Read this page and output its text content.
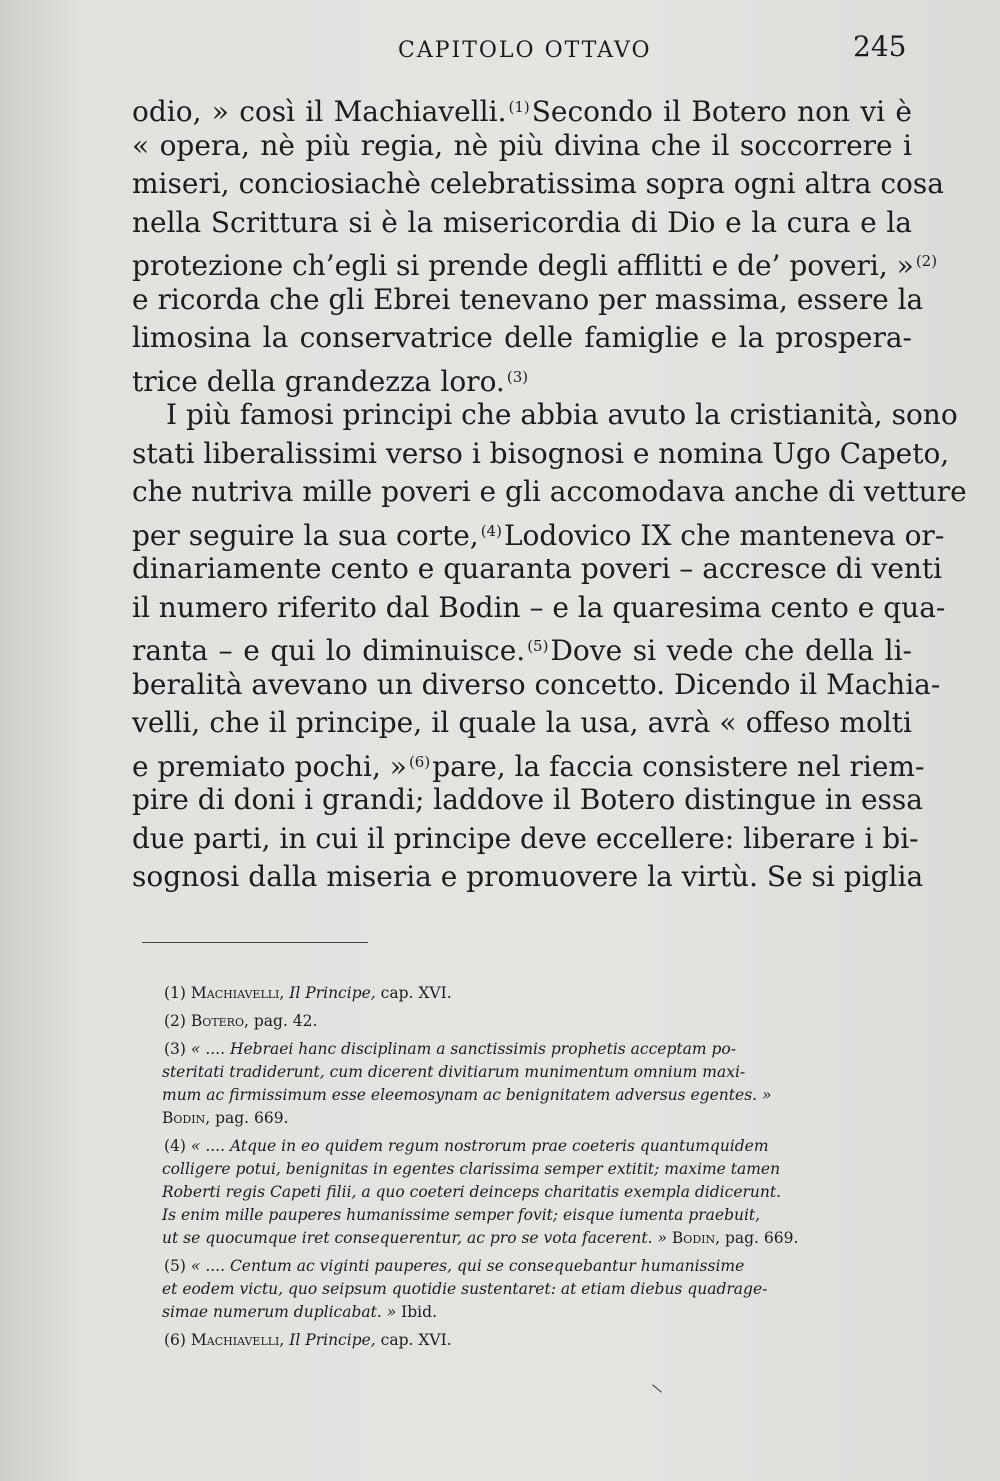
CAPITOLO OTTAVO	245
odio, » così il Machiavelli. $^{(1)}$Secondo il Botero non vi è
« opera, nè più regia, nè più divina che il soccorrere i
miseri, conciosiachè celebratissima sopra ogni altra cosa
nella Scrittura si è la misericordia di Dio e la cura e la
protezione ch’egli si prende degli afflitti e de’ poveri, » $^{(2)}$
e ricorda che gli Ebrei tenevano per massima, essere la
limosina la conservatrice delle famiglie e la prospera-
trice della grandezza loro. $^{(3)}$
I più famosi principi che abbia avuto la cristianità, sono
stati liberalissimi verso i bisognosi e nomina Ugo Capeto,
che nutriva mille poveri e gli accomodava anche di vetture
per seguire la sua corte, $^{(4)}$Lodovico IX che manteneva or-
dinariamente cento e quaranta poveri – accresce di venti
il numero riferito dal Bodin – e la quaresima cento e qua-
ranta – e qui lo diminuisce. $^{(5)}$Dove si vede che della li-
beralità avevano un diverso concetto. Dicendo il Machia-
velli, che il principe, il quale la usa, avrà « offeso molti
e premiato pochi, » $^{(6)}$pare, la faccia consistere nel riem-
pire di doni i grandi; laddove il Botero distingue in essa
due parti, in cui il principe deve eccellere: liberare i bi-
sognosi dalla miseria e promuovere la virtù. Se si piglia
(1) Machiavelli, Il Principe, cap. XVI.
(2) Botero, pag. 42.
(3) « .... Hebraei hanc disciplinam a sanctissimis prophetis acceptam po-
steritati tradiderunt, cum dicerent divitiarum munimentum omnium maxi-
mum ac firmissimum esse eleemosynam ac benignitatem adversus egentes. »
Bodin, pag. 669.
(4) « .... Atque in eo quidem regum nostrorum prae coeteris quantumquidem
colligere potui, benignitas in egentes clarissima semper extitit; maxime tamen
Roberti regis Capeti filii, a quo coeteri deinceps charitatis exempla didicerunt.
Is enim mille pauperes humanissime semper fovit; eisque iumenta praebuit,
ut se quocumque iret consequerentur, ac pro se vota facerent. » Bodin, pag. 669.
(5) « .... Centum ac viginti pauperes, qui se consequebantur humanissime
et eodem victu, quo seipsum quotidie sustentaret: at etiam diebus quadrage-
simae numerum duplicabat. » Ibid.
(6) Machiavelli, Il Principe, cap. XVI.
